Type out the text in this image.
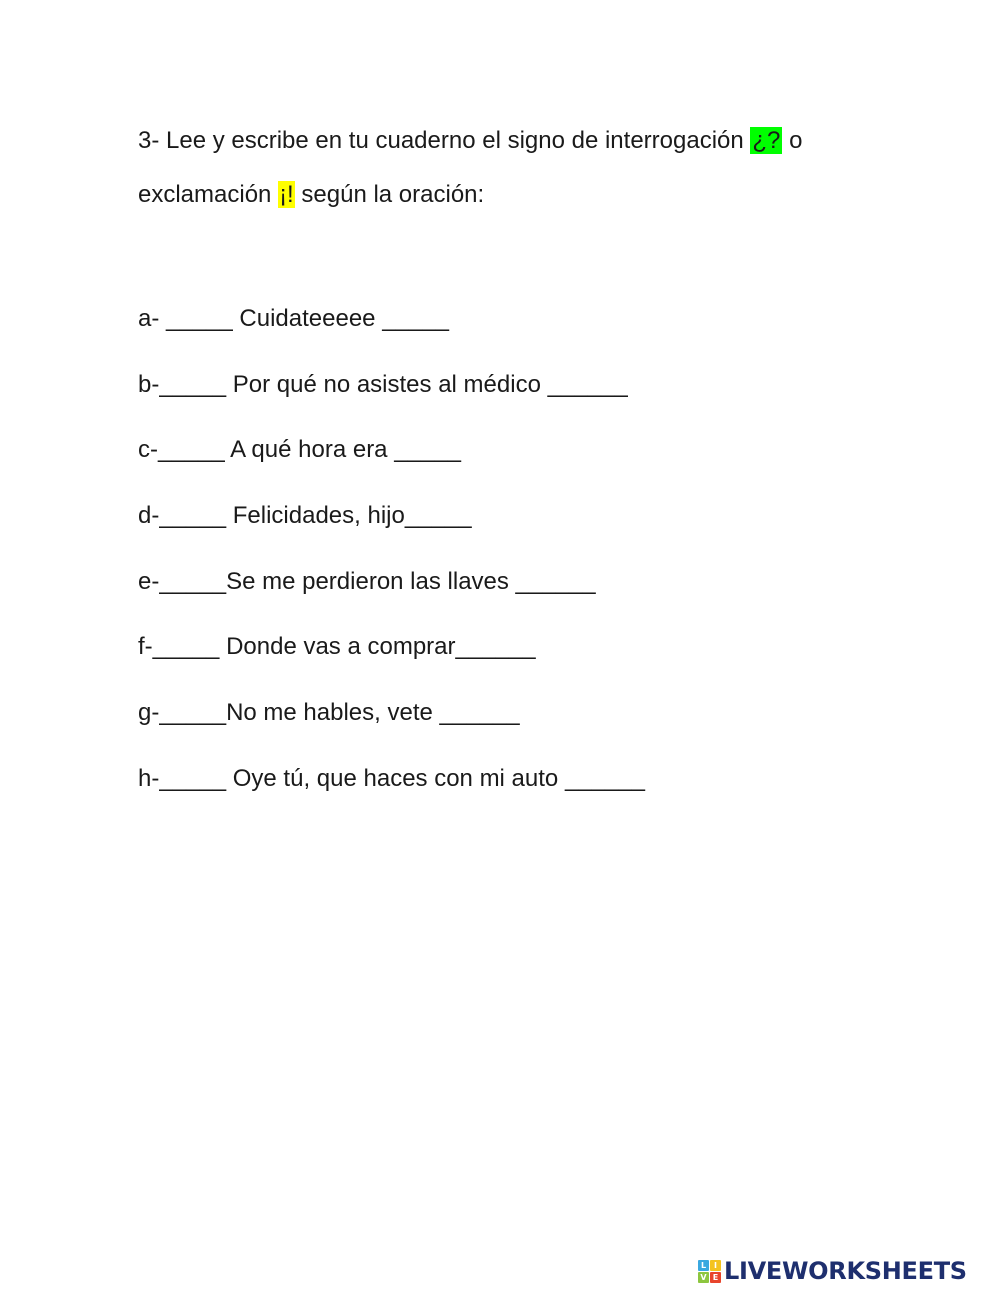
3- Lee y escribe en tu cuaderno el signo de interrogación ¿? o
exclamación ¡! según la oración:
a- _____ Cuidateeeee _____
b-_____ Por qué no asistes al médico ______
c-_____ A qué hora era _____
d-_____ Felicidades, hijo_____
e-_____Se me perdieron las llaves ______
f-_____ Donde vas a comprar______
g-_____No me hables, vete ______
h-_____ Oye tú, que haces con mi auto ______
L I
V E LIVEWORKSHEETS
